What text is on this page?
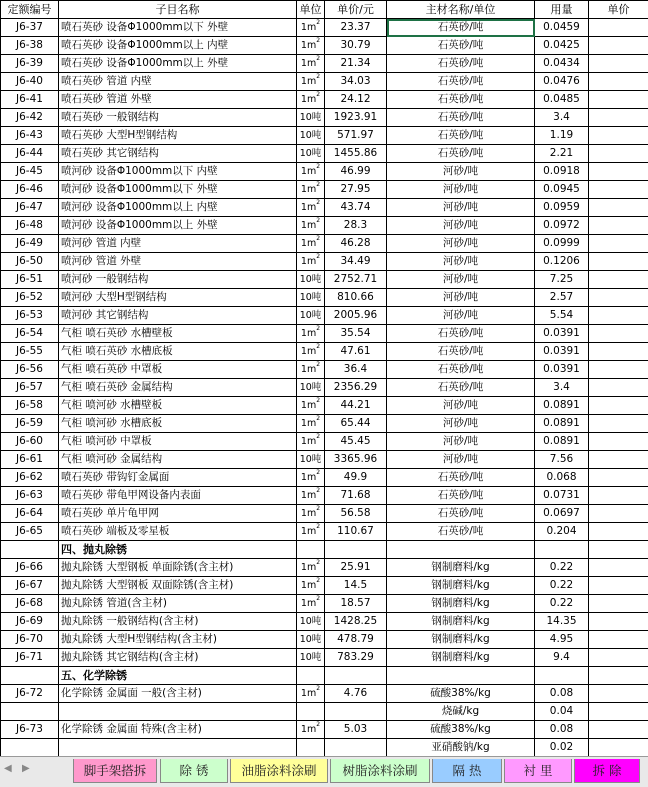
定额编号	子目名称	单位	单价/元	主材名称/单位	用量	单价
J6-37	喷石英砂 设备Φ1000mm以下 外壁	$1m^2$	23.37	石英砂/吨	0.0459	
J6-38	喷石英砂 设备Φ1000mm以上 内壁	$1m^2$	30.79	石英砂/吨	0.0425	
J6-39	喷石英砂 设备Φ1000mm以上 外壁	$1m^2$	21.34	石英砂/吨	0.0434	
J6-40	喷石英砂 管道 内壁	$1m^2$	34.03	石英砂/吨	0.0476	
J6-41	喷石英砂 管道 外壁	$1m^2$	24.12	石英砂/吨	0.0485	
J6-42	喷石英砂 一般钢结构	10吨	1923.91	石英砂/吨	3.4	
J6-43	喷石英砂 大型H型钢结构	10吨	571.97	石英砂/吨	1.19	
J6-44	喷石英砂 其它钢结构	10吨	1455.86	石英砂/吨	2.21	
J6-45	喷河砂 设备Φ1000mm以下 内壁	$1m^2$	46.99	河砂/吨	0.0918	
J6-46	喷河砂 设备Φ1000mm以下 外壁	$1m^2$	27.95	河砂/吨	0.0945	
J6-47	喷河砂 设备Φ1000mm以上 内壁	$1m^2$	43.74	河砂/吨	0.0959	
J6-48	喷河砂 设备Φ1000mm以上 外壁	$1m^2$	28.3	河砂/吨	0.0972	
J6-49	喷河砂 管道 内壁	$1m^2$	46.28	河砂/吨	0.0999	
J6-50	喷河砂 管道 外壁	$1m^2$	34.49	河砂/吨	0.1206	
J6-51	喷河砂 一般钢结构	10吨	2752.71	河砂/吨	7.25	
J6-52	喷河砂 大型H型钢结构	10吨	810.66	河砂/吨	2.57	
J6-53	喷河砂 其它钢结构	10吨	2005.96	河砂/吨	5.54	
J6-54	气柜 喷石英砂 水槽壁板	$1m^2$	35.54	石英砂/吨	0.0391	
J6-55	气柜 喷石英砂 水槽底板	$1m^2$	47.61	石英砂/吨	0.0391	
J6-56	气柜 喷石英砂 中罩板	$1m^2$	36.4	石英砂/吨	0.0391	
J6-57	气柜 喷石英砂 金属结构	10吨	2356.29	石英砂/吨	3.4	
J6-58	气柜 喷河砂 水槽壁板	$1m^2$	44.21	河砂/吨	0.0891	
J6-59	气柜 喷河砂 水槽底板	$1m^2$	65.44	河砂/吨	0.0891	
J6-60	气柜 喷河砂 中罩板	$1m^2$	45.45	河砂/吨	0.0891	
J6-61	气柜 喷河砂 金属结构	10吨	3365.96	河砂/吨	7.56	
J6-62	喷石英砂 带钩钉金属面	$1m^2$	49.9	石英砂/吨	0.068	
J6-63	喷石英砂 带龟甲网设备内表面	$1m^2$	71.68	石英砂/吨	0.0731	
J6-64	喷石英砂 单片龟甲网	$1m^2$	56.58	石英砂/吨	0.0697	
J6-65	喷石英砂 端板及零星板	$1m^2$	110.67	石英砂/吨	0.204	
	四、抛丸除锈					
J6-66	抛丸除锈 大型钢板 单面除锈(含主材)	$1m^2$	25.91	钢制磨料/kg	0.22	
J6-67	抛丸除锈 大型钢板 双面除锈(含主材)	$1m^2$	14.5	钢制磨料/kg	0.22	
J6-68	抛丸除锈 管道(含主材)	$1m^2$	18.57	钢制磨料/kg	0.22	
J6-69	抛丸除锈 一般钢结构(含主材)	10吨	1428.25	钢制磨料/kg	14.35	
J6-70	抛丸除锈 大型H型钢结构(含主材)	10吨	478.79	钢制磨料/kg	4.95	
J6-71	抛丸除锈 其它钢结构(含主材)	10吨	783.29	钢制磨料/kg	9.4	
	五、化学除锈					
J6-72	化学除锈 金属面 一般(含主材)	$1m^2$	4.76	硫酸38%/kg	0.08	
				烧碱/kg	0.04	
J6-73	化学除锈 金属面 特殊(含主材)	$1m^2$	5.03	硫酸38%/kg	0.08	
				亚硝酸钠/kg	0.02	
◀ ▶	脚手架搭拆	除 锈	油脂涂料涂刷	树脂涂料涂刷	隔 热	衬 里	拆 除
